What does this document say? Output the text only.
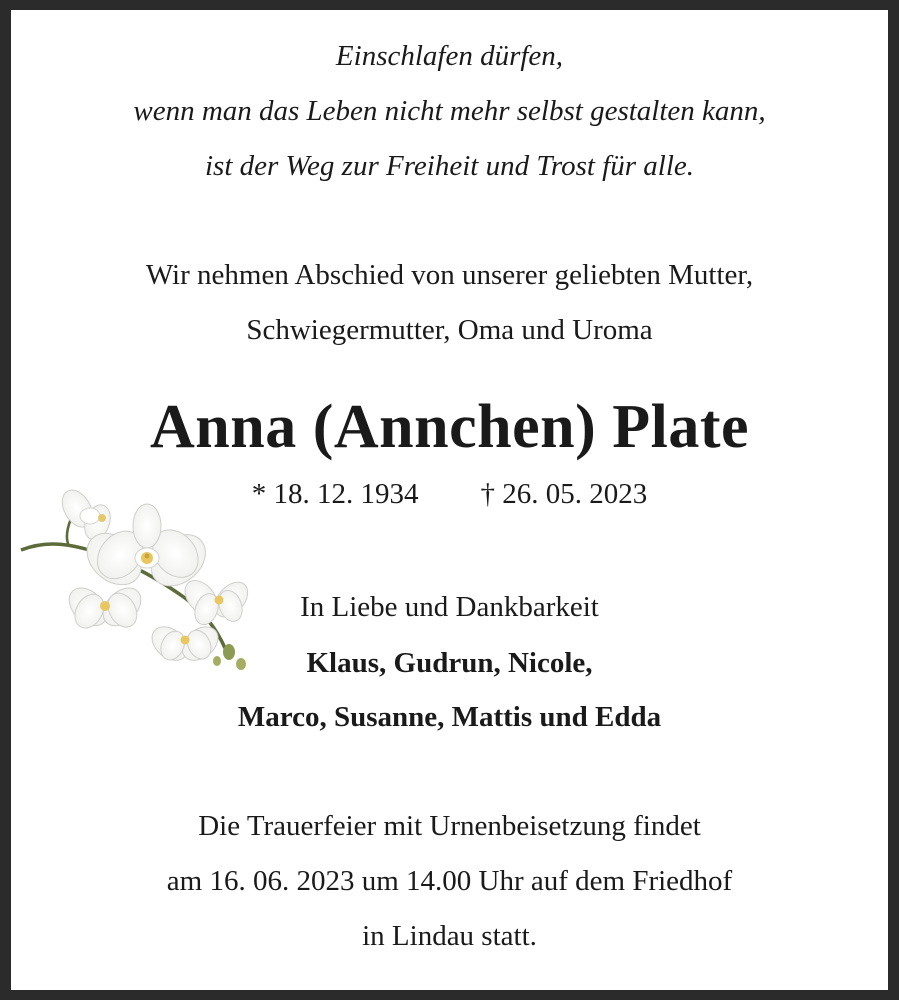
Einschlafen dürfen,
wenn man das Leben nicht mehr selbst gestalten kann,
ist der Weg zur Freiheit und Trost für alle.
Wir nehmen Abschied von unserer geliebten Mutter,
Schwiegermutter, Oma und Uroma
Anna (Annchen) Plate
* 18. 12. 1934 † 26. 05. 2023
In Liebe und Dankbarkeit
Klaus, Gudrun, Nicole,
Marco, Susanne, Mattis und Edda
Die Trauerfeier mit Urnenbeisetzung findet
am 16. 06. 2023 um 14.00 Uhr auf dem Friedhof
in Lindau statt.
